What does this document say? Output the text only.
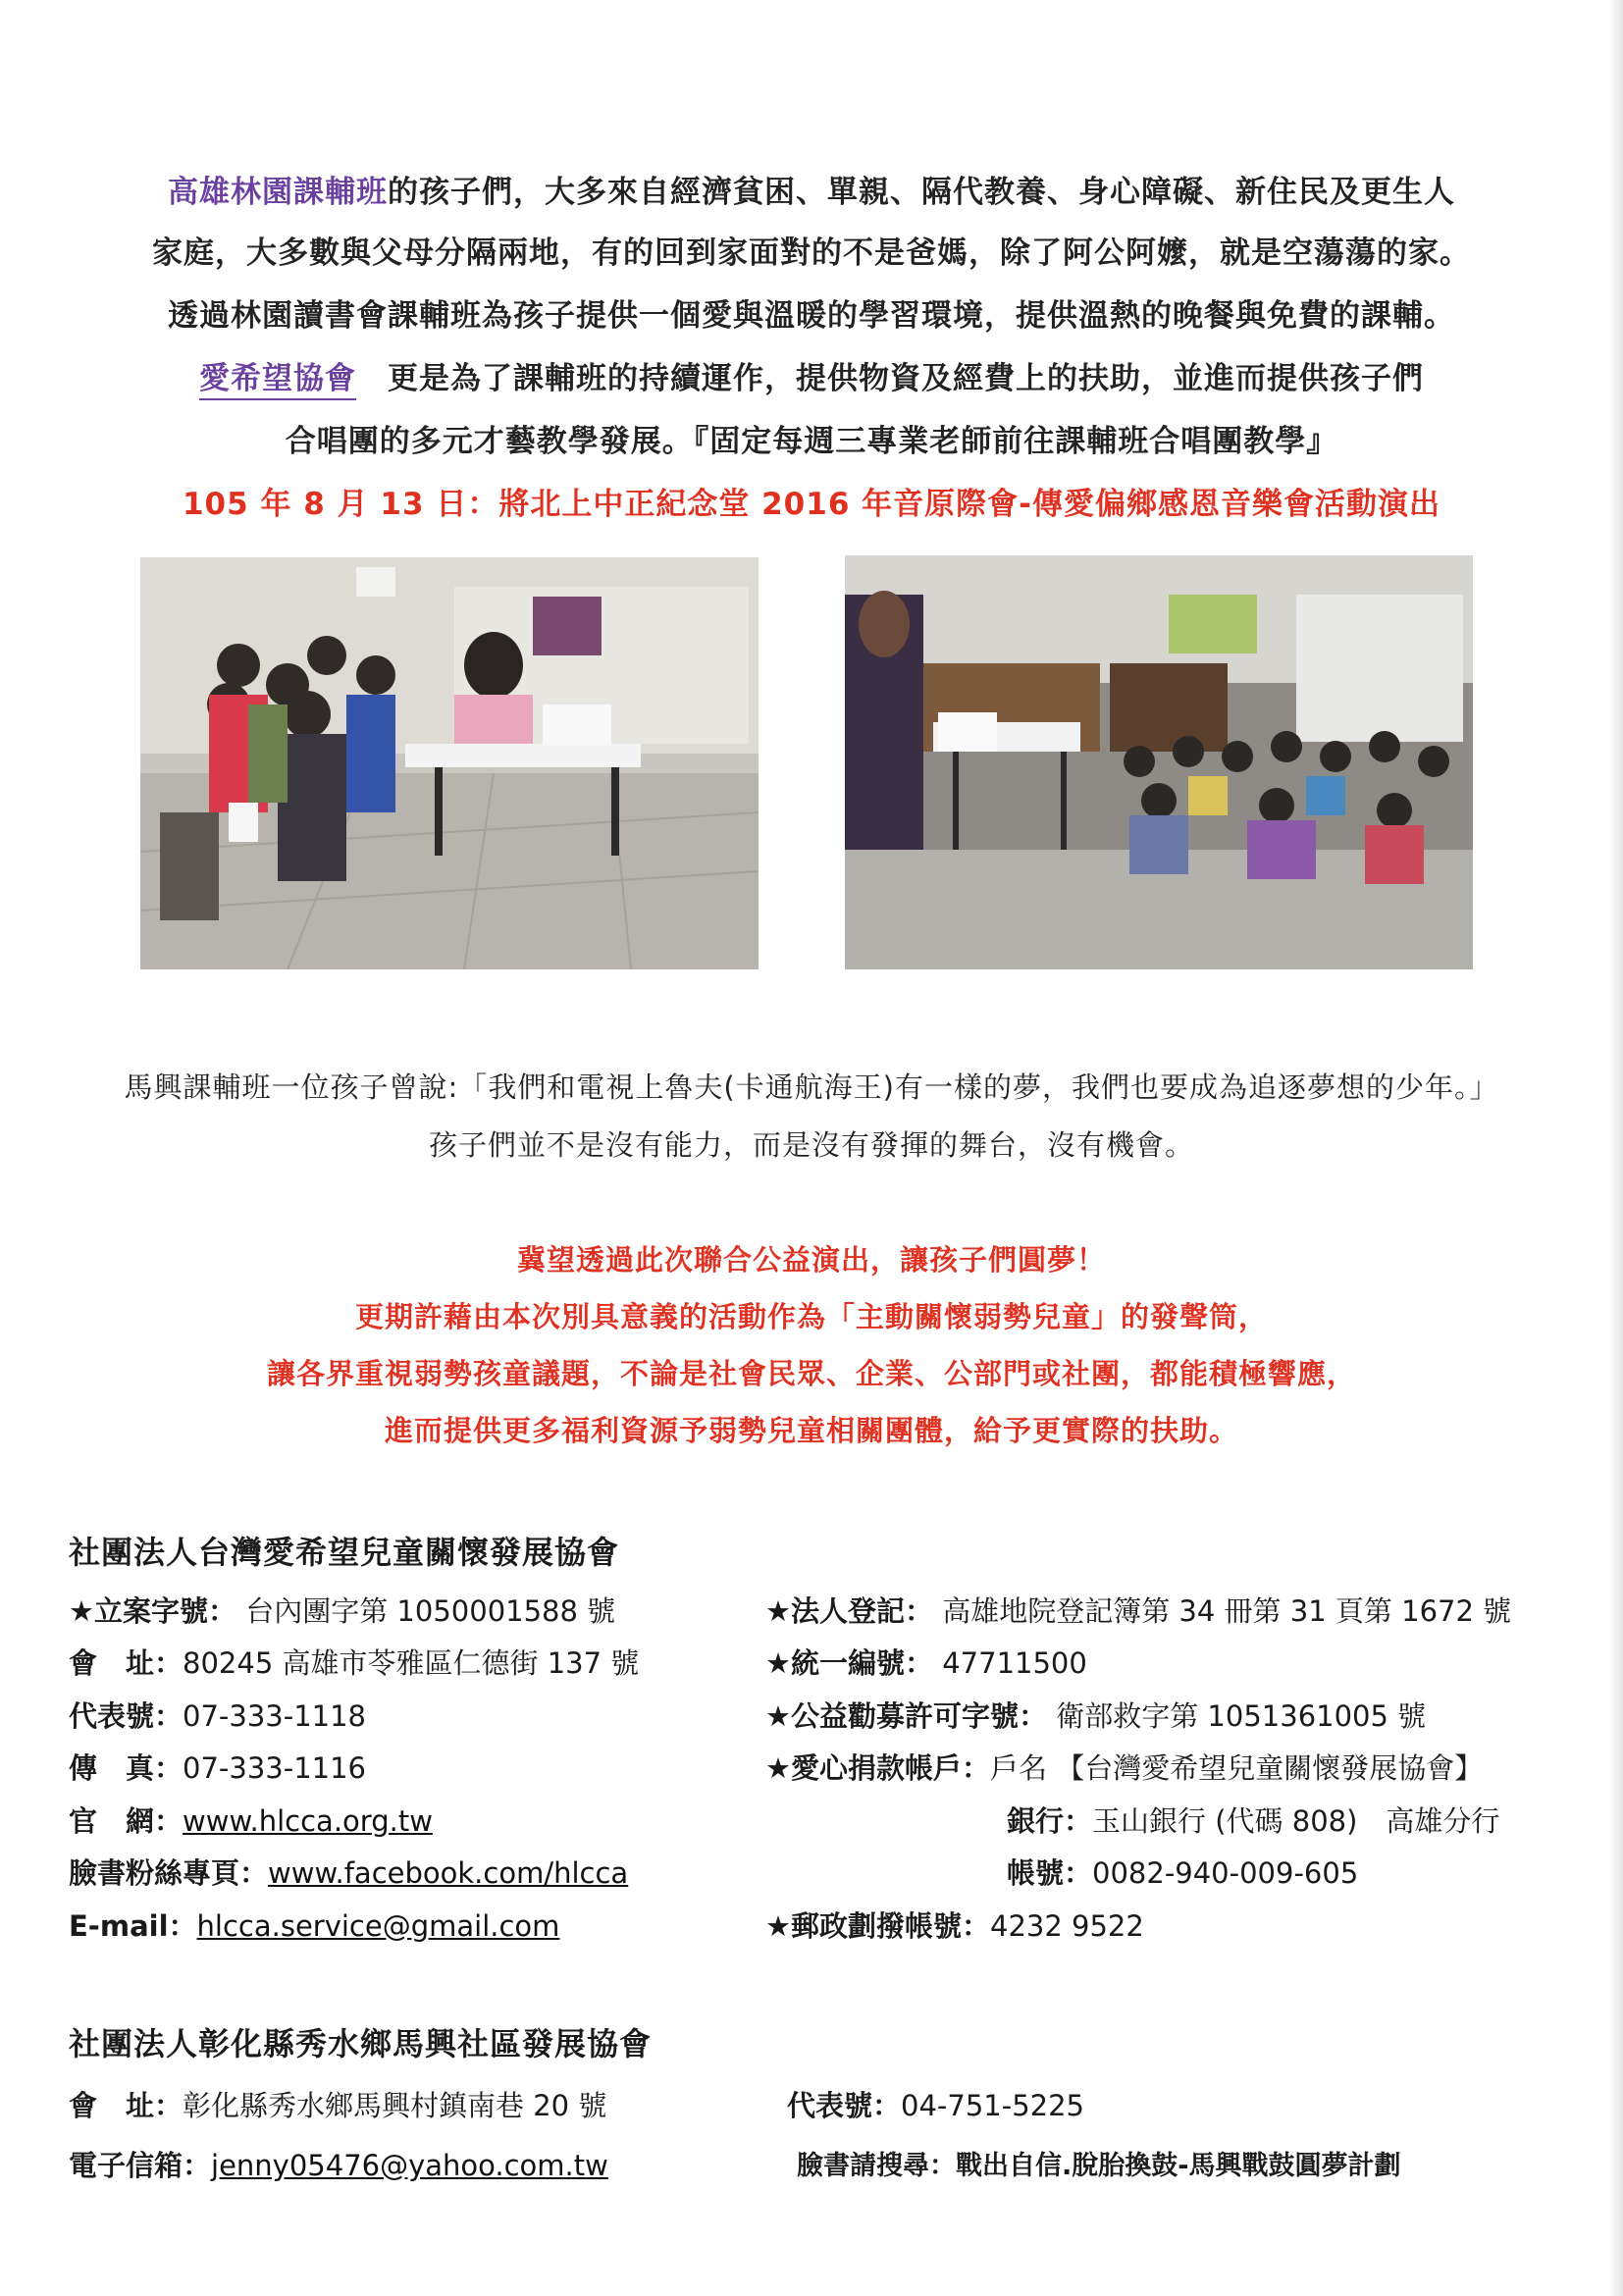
高雄林園課輔班的孩子們，大多來自經濟貧困、單親、隔代教養、身心障礙、新住民及更生人
家庭，大多數與父母分隔兩地，有的回到家面對的不是爸媽，除了阿公阿嬤，就是空蕩蕩的家。
透過林園讀書會課輔班為孩子提供一個愛與溫暖的學習環境，提供溫熱的晚餐與免費的課輔。
愛希望協會　 更是為了課輔班的持續運作，提供物資及經費上的扶助，並進而提供孩子們
合唱團的多元才藝教學發展。『固定每週三專業老師前往課輔班合唱團教學』
105 年 8 月 13 日：將北上中正紀念堂 2016 年音原際會-傳愛偏鄉感恩音樂會活動演出
馬興課輔班一位孩子曾說:「我們和電視上魯夫(卡通航海王)有一樣的夢，我們也要成為追逐夢想的少年。」
孩子們並不是沒有能力，而是沒有發揮的舞台，沒有機會。
冀望透過此次聯合公益演出，讓孩子們圓夢！
更期許藉由本次別具意義的活動作為「主動關懷弱勢兒童」的發聲筒，
讓各界重視弱勢孩童議題，不論是社會民眾、企業、公部門或社團，都能積極響應，
進而提供更多福利資源予弱勢兒童相關團體，給予更實際的扶助。
社團法人台灣愛希望兒童關懷發展協會
★立案字號： 台內團字第 1050001588 號
會　址：80245 高雄市苓雅區仁德街 137 號
代表號：07-333-1118
傳　真：07-333-1116
官　網：www.hlcca.org.tw
臉書粉絲專頁：www.facebook.com/hlcca
E-mail：hlcca.service@gmail.com
★法人登記： 高雄地院登記簿第 34 冊第 31 頁第 1672 號
★統一編號： 47711500
★公益勸募許可字號： 衛部救字第 1051361005 號
★愛心捐款帳戶：戶名 【台灣愛希望兒童關懷發展協會】
銀行：玉山銀行 (代碼 808)　高雄分行
帳號：0082-940-009-605
★郵政劃撥帳號：4232 9522
社團法人彰化縣秀水鄉馬興社區發展協會
會　址：彰化縣秀水鄉馬興村鎮南巷 20 號
電子信箱：jenny05476@yahoo.com.tw
代表號：04-751-5225
臉書請搜尋：戰出自信.脫胎換鼓-馬興戰鼓圓夢計劃
